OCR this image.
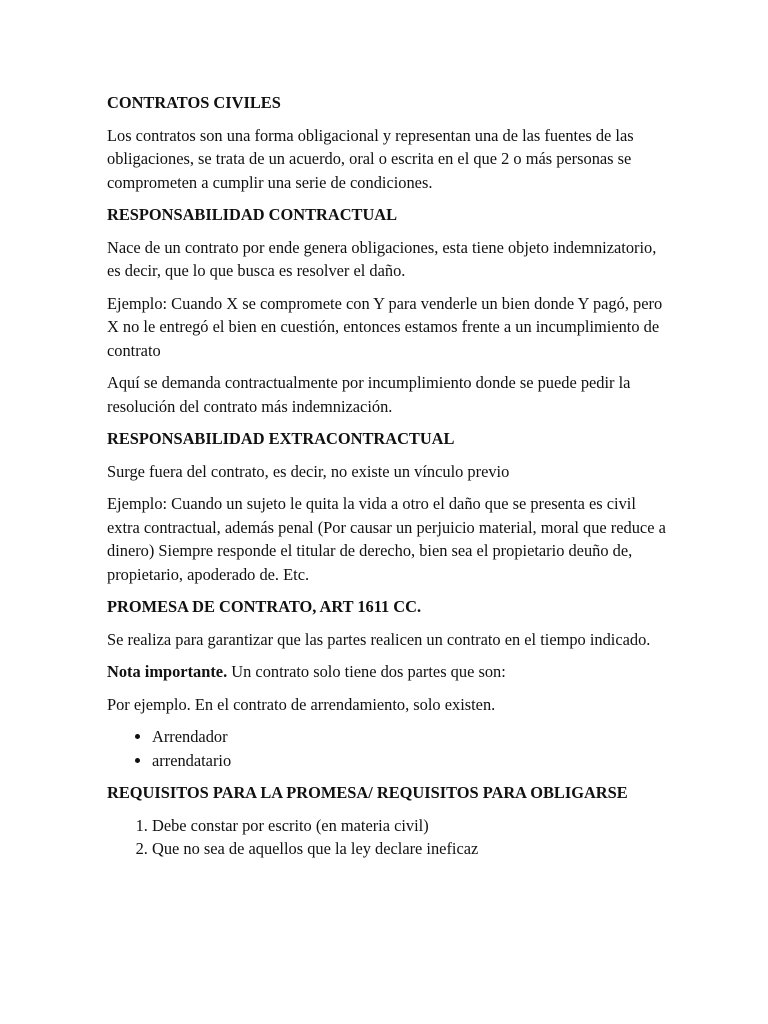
CONTRATOS CIVILES

Los contratos son una forma obligacional y representan una de las fuentes de las obligaciones, se trata de un acuerdo, oral o escrita en el que 2 o más personas se comprometen a cumplir una serie de condiciones.

RESPONSABILIDAD CONTRACTUAL

Nace de un contrato por ende genera obligaciones, esta tiene objeto indemnizatorio, es decir, que lo que busca es resolver el daño.

Ejemplo: Cuando X se compromete con Y para venderle un bien donde Y pagó, pero X no le entregó el bien en cuestión, entonces estamos frente a un incumplimiento de contrato

Aquí se demanda contractualmente por incumplimiento donde se puede pedir la resolución del contrato más indemnización.

RESPONSABILIDAD EXTRACONTRACTUAL

Surge fuera del contrato, es decir, no existe un vínculo previo

Ejemplo: Cuando un sujeto le quita la vida a otro el daño que se presenta es civil extra contractual, además penal (Por causar un perjuicio material, moral que reduce a dinero) Siempre responde el titular de derecho, bien sea el propietario deuño de, propietario, apoderado de. Etc.

PROMESA DE CONTRATO, ART 1611 CC.

Se realiza para garantizar que las partes realicen un contrato en el tiempo indicado.

Nota importante. Un contrato solo tiene dos partes que son:

Por ejemplo. En el contrato de arrendamiento, solo existen.

• Arrendador
• arrendatario
REQUISITOS PARA LA PROMESA/ REQUISITOS PARA OBLIGARSE
1. Debe constar por escrito (en materia civil)
2. Que no sea de aquellos que la ley declare ineficaz
